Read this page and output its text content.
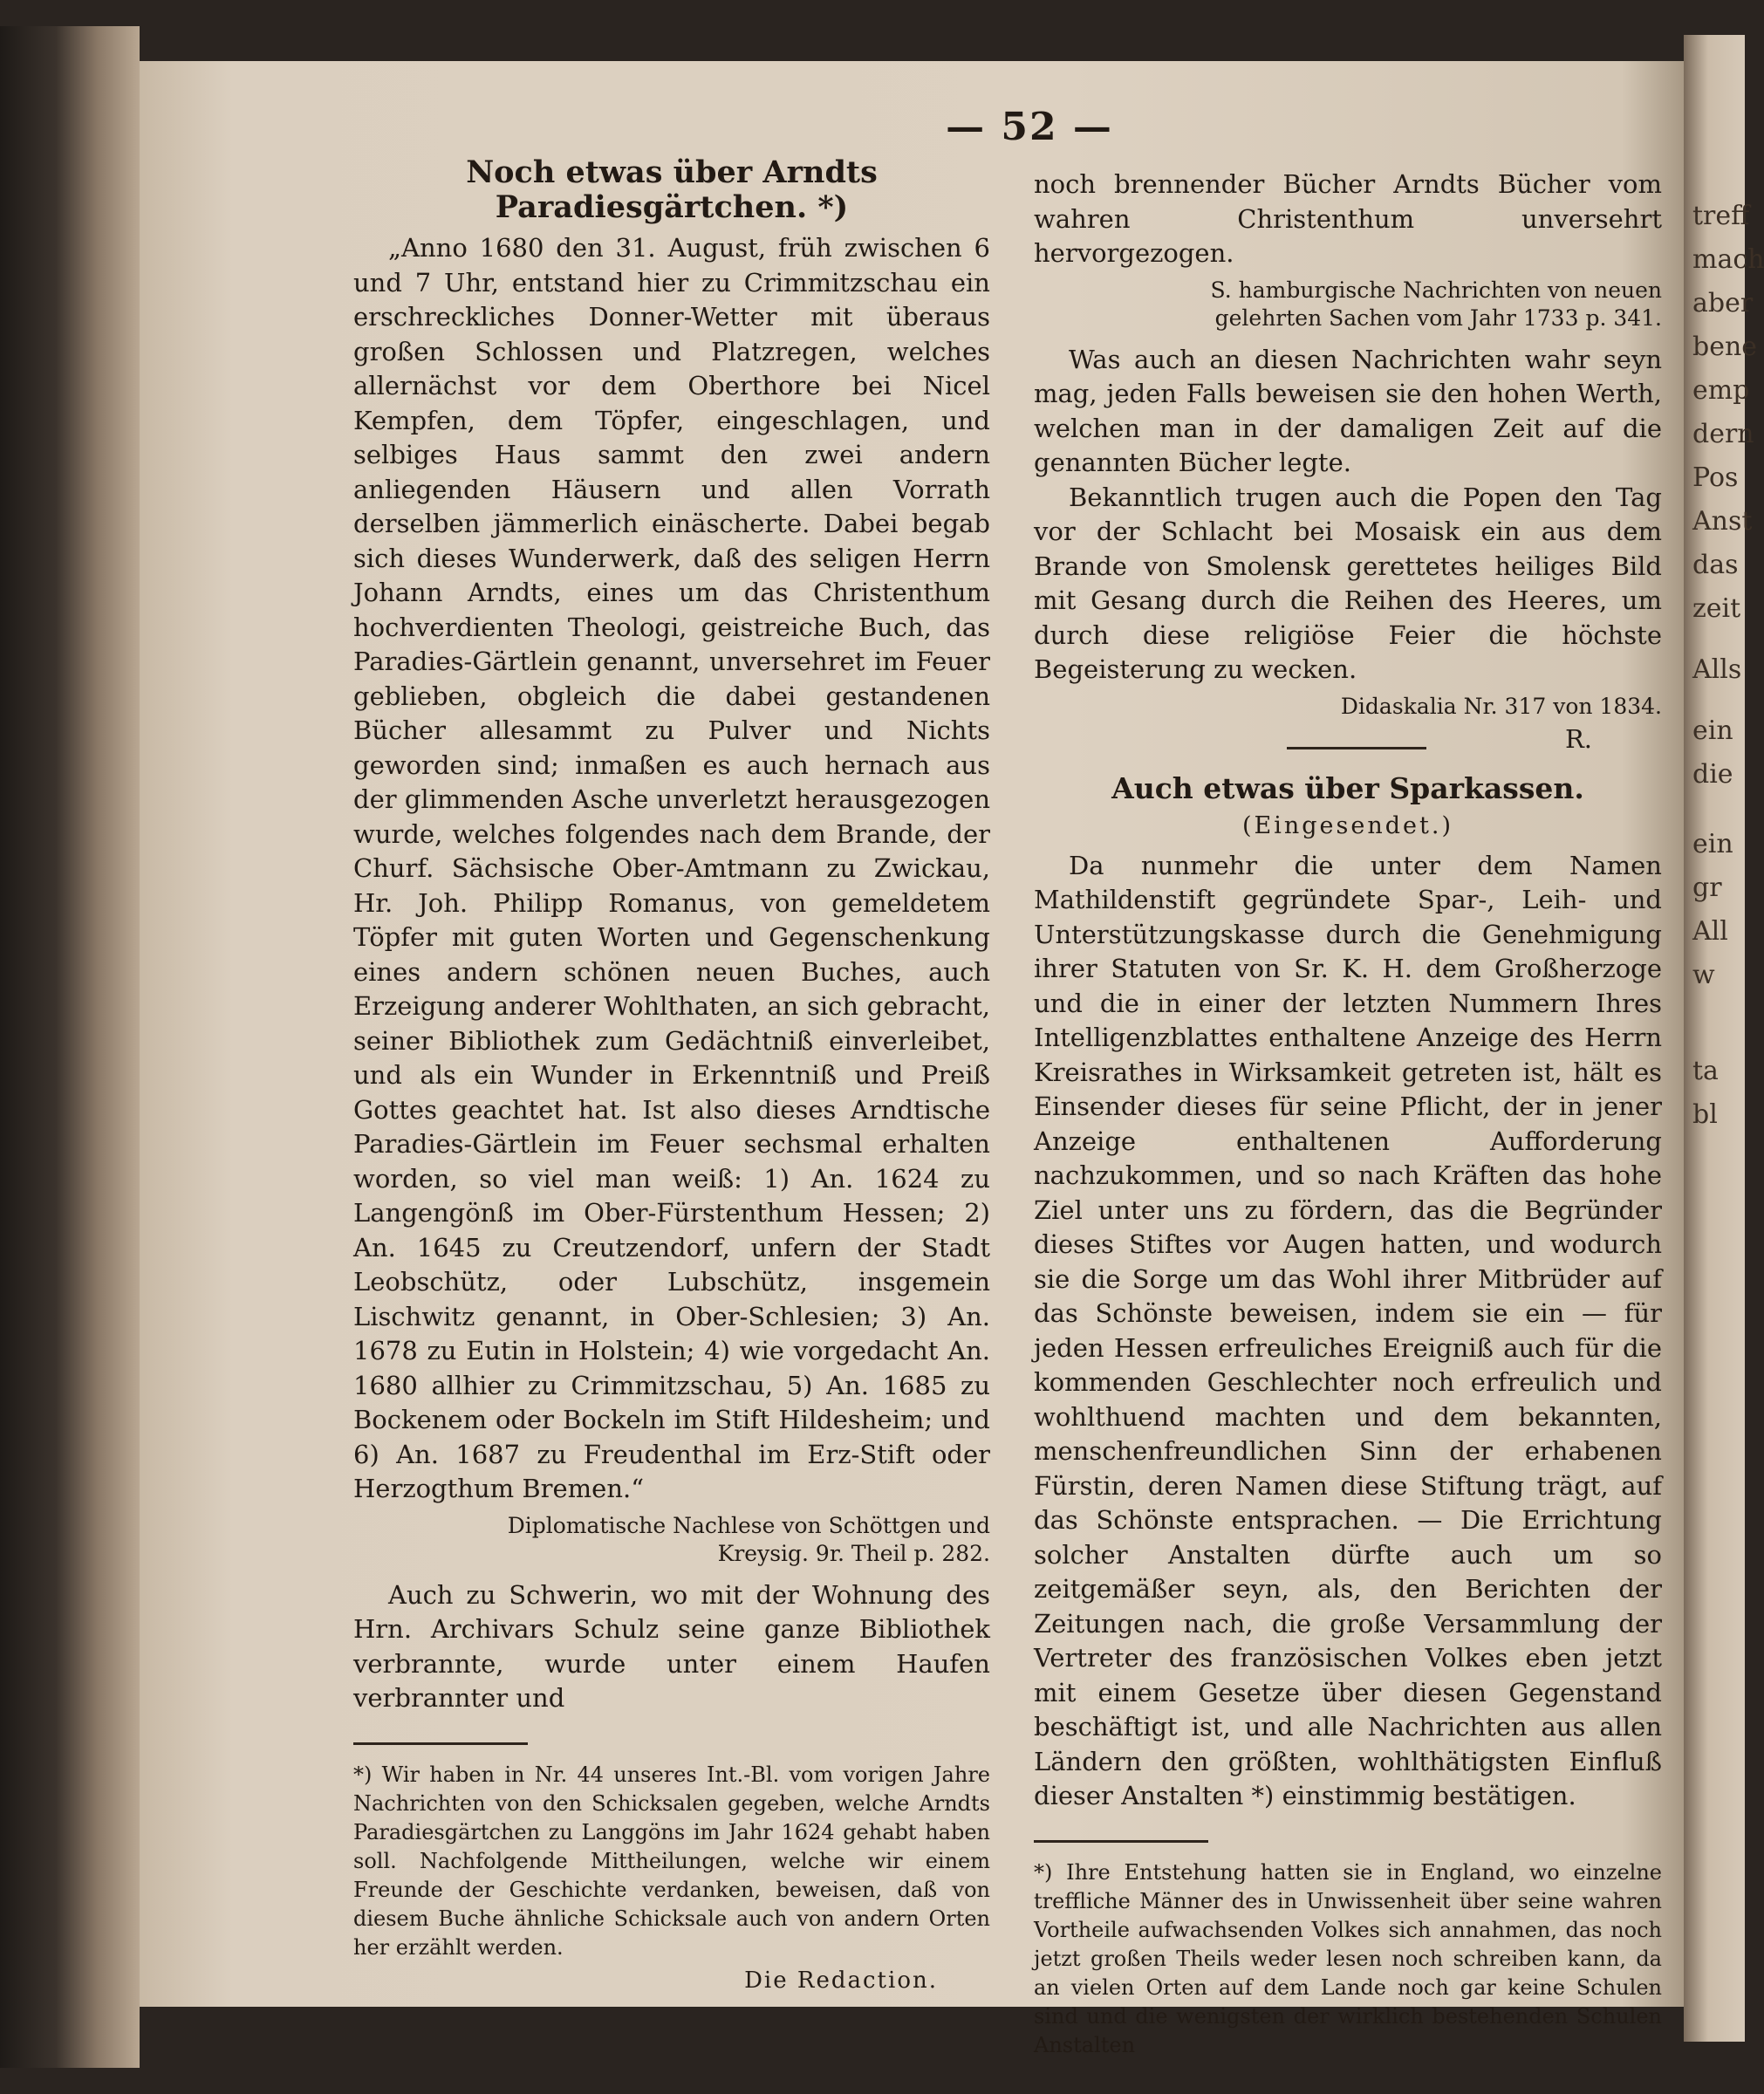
treff
mach
aber
bene
emp
dern
Pos
Anst
das
zeit
Alls
ein
die
ein
gr
All
w
ta
bl
— 52 —
Noch etwas über Arndts Paradiesgärtchen. *)

„Anno 1680 den 31. August, früh zwischen 6 und 7 Uhr, entstand hier zu Crimmitzschau ein erschreckliches Donner-Wetter mit überaus großen Schlossen und Platzregen, welches allernächst vor dem Oberthore bei Nicel Kempfen, dem Töpfer, eingeschlagen, und selbiges Haus sammt den zwei andern anliegenden Häusern und allen Vorrath derselben jämmerlich einäscherte. Dabei begab sich dieses Wunderwerk, daß des seligen Herrn Johann Arndts, eines um das Christenthum hochverdienten Theologi, geistreiche Buch, das Paradies-Gärtlein genannt, unversehret im Feuer geblieben, obgleich die dabei gestandenen Bücher allesammt zu Pulver und Nichts geworden sind; inmaßen es auch hernach aus der glimmenden Asche unverletzt herausgezogen wurde, welches folgendes nach dem Brande, der Churf. Sächsische Ober-Amtmann zu Zwickau, Hr. Joh. Philipp Romanus, von gemeldetem Töpfer mit guten Worten und Gegenschenkung eines andern schönen neuen Buches, auch Erzeigung anderer Wohlthaten, an sich gebracht, seiner Bibliothek zum Gedächtniß einverleibet, und als ein Wunder in Erkenntniß und Preiß Gottes geachtet hat. Ist also dieses Arndtische Paradies-Gärtlein im Feuer sechsmal erhalten worden, so viel man weiß: 1) An. 1624 zu Langengönß im Ober-Fürstenthum Hessen; 2) An. 1645 zu Creutzendorf, unfern der Stadt Leobschütz, oder Lubschütz, insgemein Lischwitz genannt, in Ober-Schlesien; 3) An. 1678 zu Eutin in Holstein; 4) wie vorgedacht An. 1680 allhier zu Crimmitzschau, 5) An. 1685 zu Bockenem oder Bockeln im Stift Hildesheim; und 6) An. 1687 zu Freudenthal im Erz-Stift oder Herzogthum Bremen.“

Diplomatische Nachlese von Schöttgen und Kreysig. 9r. Theil p. 282.

Auch zu Schwerin, wo mit der Wohnung des Hrn. Archivars Schulz seine ganze Bibliothek verbrannte, wurde unter einem Haufen verbrannter und

*) Wir haben in Nr. 44 unseres Int.-Bl. vom vorigen Jahre Nachrichten von den Schicksalen gegeben, welche Arndts Paradiesgärtchen zu Langgöns im Jahr 1624 gehabt haben soll. Nachfolgende Mittheilungen, welche wir einem Freunde der Geschichte verdanken, beweisen, daß von diesem Buche ähnliche Schicksale auch von andern Orten her erzählt werden.

Die Redaction.

noch brennender Bücher Arndts Bücher vom wahren Christenthum unversehrt hervorgezogen.

S. hamburgische Nachrichten von neuen gelehrten Sachen vom Jahr 1733 p. 341.

Was auch an diesen Nachrichten wahr seyn mag, jeden Falls beweisen sie den hohen Werth, welchen man in der damaligen Zeit auf die genannten Bücher legte.

Bekanntlich trugen auch die Popen den Tag vor der Schlacht bei Mosaisk ein aus dem Brande von Smolensk gerettetes heiliges Bild mit Gesang durch die Reihen des Heeres, um durch diese religiöse Feier die höchste Begeisterung zu wecken.

Didaskalia Nr. 317 von 1834.
R.
Auch etwas über Sparkassen.
(Eingesendet.)

Da nunmehr die unter dem Namen Mathildenstift gegründete Spar-, Leih- und Unterstützungskasse durch die Genehmigung ihrer Statuten von Sr. K. H. dem Großherzoge und die in einer der letzten Nummern Ihres Intelligenzblattes enthaltene Anzeige des Herrn Kreisrathes in Wirksamkeit getreten ist, hält es Einsender dieses für seine Pflicht, der in jener Anzeige enthaltenen Aufforderung nachzukommen, und so nach Kräften das hohe Ziel unter uns zu fördern, das die Begründer dieses Stiftes vor Augen hatten, und wodurch sie die Sorge um das Wohl ihrer Mitbrüder auf das Schönste beweisen, indem sie ein — für jeden Hessen erfreuliches Ereigniß auch für die kommenden Geschlechter noch erfreulich und wohlthuend machten und dem bekannten, menschenfreundlichen Sinn der erhabenen Fürstin, deren Namen diese Stiftung trägt, auf das Schönste entsprachen. — Die Errichtung solcher Anstalten dürfte auch um so zeitgemäßer seyn, als, den Berichten der Zeitungen nach, die große Versammlung der Vertreter des französischen Volkes eben jetzt mit einem Gesetze über diesen Gegenstand beschäftigt ist, und alle Nachrichten aus allen Ländern den größten, wohlthätigsten Einfluß dieser Anstalten *) einstimmig bestätigen.

*) Ihre Entstehung hatten sie in England, wo einzelne treffliche Männer des in Unwissenheit über seine wahren Vortheile aufwachsenden Volkes sich annahmen, das noch jetzt großen Theils weder lesen noch schreiben kann, da an vielen Orten auf dem Lande noch gar keine Schulen sind und die wenigsten der wirklich bestehenden Schulen Anstalten
